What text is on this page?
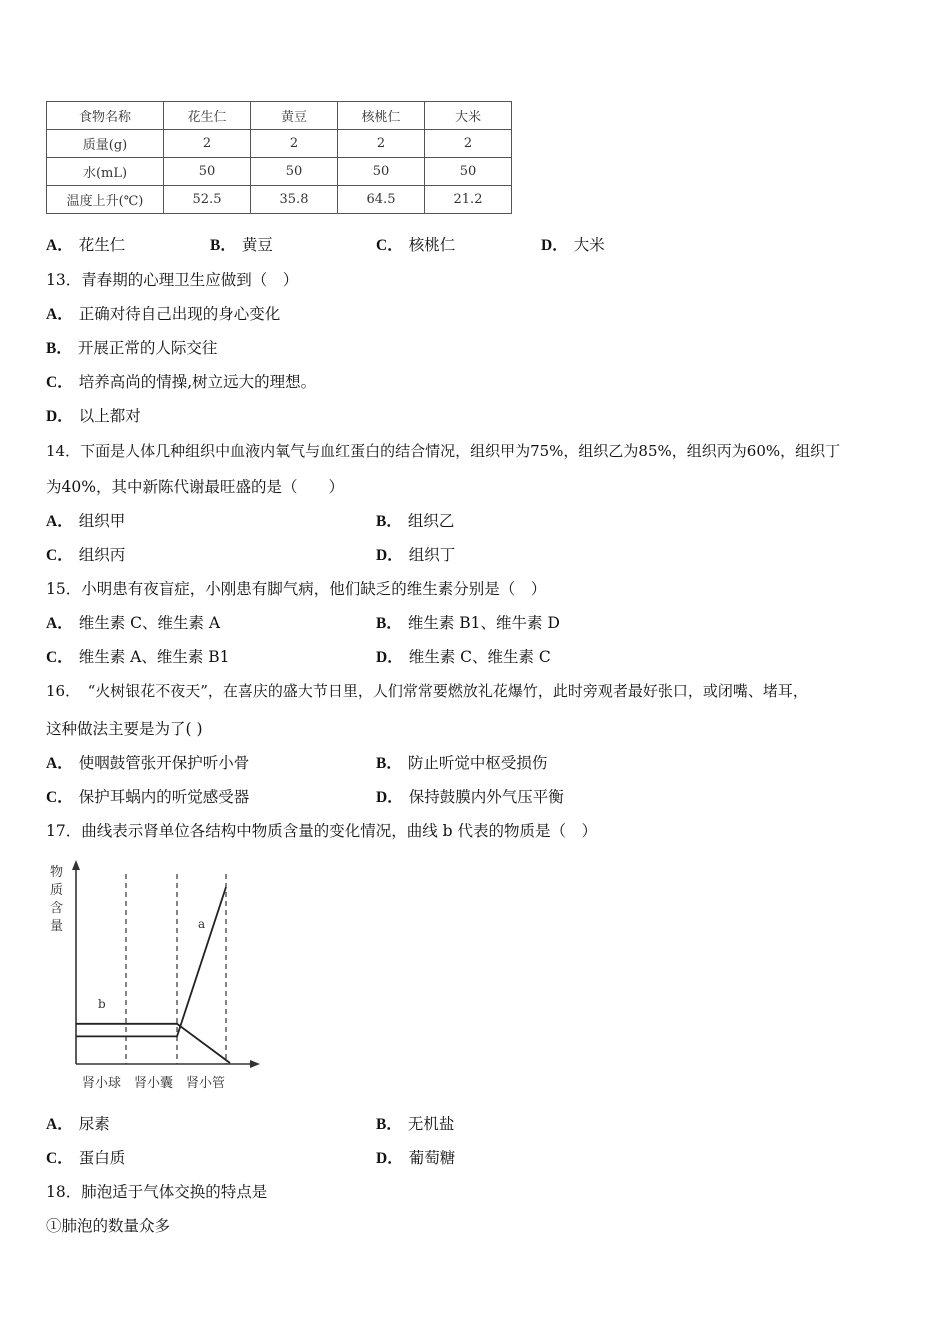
食物名称	花生仁	黄豆	核桃仁	大米
质量(g)	2	2	2	2
水(mL)	50	50	50	50
温度上升(℃)	52.5	35.8	64.5	21.2
A． 花生仁	B． 黄豆	C． 核桃仁	D． 大米
13．青春期的心理卫生应做到（　）
A． 正确对待自己出现的身心变化
B． 开展正常的人际交往
C． 培养高尚的情操,树立远大的理想。
D． 以上都对
14．下面是人体几种组织中血液内氧气与血红蛋白的结合情况，组织甲为75%，组织乙为85%，组织丙为60%，组织丁
为40%，其中新陈代谢最旺盛的是（　　）
A． 组织甲	B． 组织乙
C． 组织丙	D． 组织丁
15．小明患有夜盲症，小刚患有脚气病，他们缺乏的维生素分别是（　）
A． 维生素 C、维生素 A	B． 维生素 B1、维牛素 D
C． 维生素 A、维生素 B1	D． 维生素 C、维生素 C
16．　“火树银花不夜天”，在喜庆的盛大节日里，人们常常要燃放礼花爆竹，此时旁观者最好张口，或闭嘴、堵耳，
这种做法主要是为了( )
A． 使咽鼓管张开保护听小骨	B． 防止听觉中枢受损伤
C． 保护耳蜗内的听觉感受器	D． 保持鼓膜内外气压平衡
17．曲线表示肾单位各结构中物质含量的变化情况，曲线 b 代表的物质是（　）
物
质
含
量	a
b
肾小球 肾小囊 肾小管
A． 尿素	B． 无机盐
C． 蛋白质	D． 葡萄糖
18．肺泡适于气体交换的特点是
①肺泡的数量众多
